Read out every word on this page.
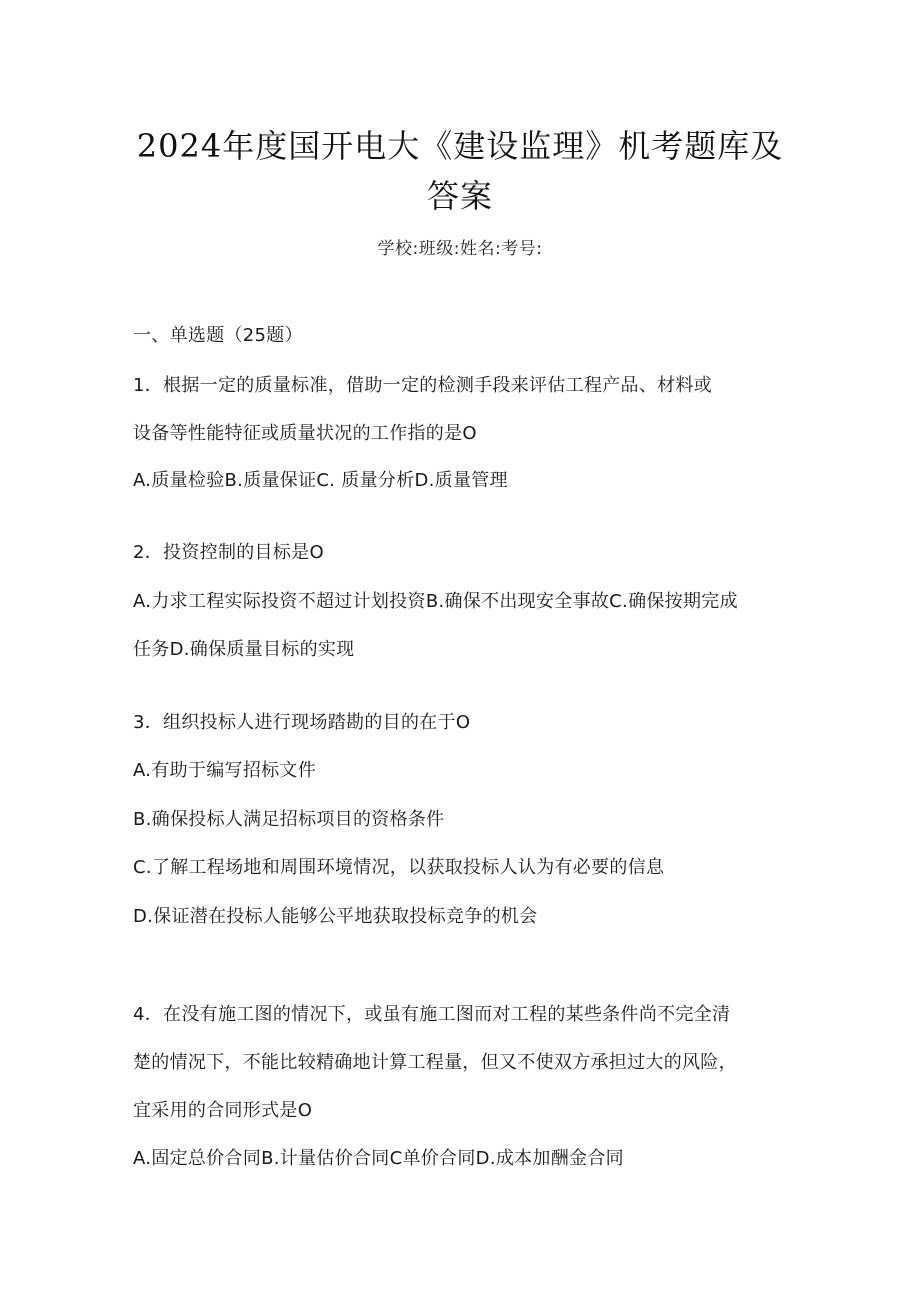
2024年度国开电大《建设监理》机考题库及
答案
学校:班级:姓名:考号:
一、单选题（25题）
1．根据一定的质量标准，借助一定的检测手段来评估工程产品、材料或
设备等性能特征或质量状况的工作指的是O
A.质量检验B.质量保证C. 质量分析D.质量管理
2．投资控制的目标是O
A.力求工程实际投资不超过计划投资B.确保不出现安全事故C.确保按期完成
任务D.确保质量目标的实现
3．组织投标人进行现场踏勘的目的在于O
A.有助于编写招标文件
B.确保投标人满足招标项目的资格条件
C.了解工程场地和周围环境情况，以获取投标人认为有必要的信息
D.保证潜在投标人能够公平地获取投标竞争的机会
4．在没有施工图的情况下，或虽有施工图而对工程的某些条件尚不完全清
楚的情况下，不能比较精确地计算工程量，但又不使双方承担过大的风险，
宜采用的合同形式是O
A.固定总价合同B.计量估价合同C单价合同D.成本加酬金合同
